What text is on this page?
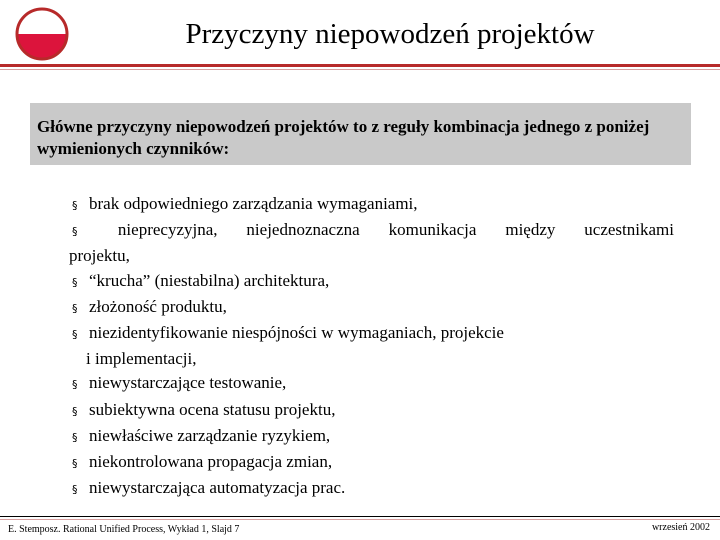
Przyczyny niepowodzeń projektów
Główne przyczyny niepowodzeń projektów to z reguły kombinacja jednego z poniżej wymienionych czynników:
§ brak odpowiedniego zarządzania wymaganiami,
§ nieprecyzyjna, niejednoznaczna komunikacja między uczestnikami
projektu,
§ “krucha” (niestabilna) architektura,
§ złożoność produktu,
§ niezidentyfikowanie niespójności w wymaganiach, projekcie
i implementacji,
§ niewystarczające testowanie,
§ subiektywna ocena statusu projektu,
§ niewłaściwe zarządzanie ryzykiem,
§ niekontrolowana propagacja zmian,
§ niewystarczająca automatyzacja prac.
E. Stemposz. Rational Unified Process, Wykład 1, Slajd 7	wrzesień 2002
